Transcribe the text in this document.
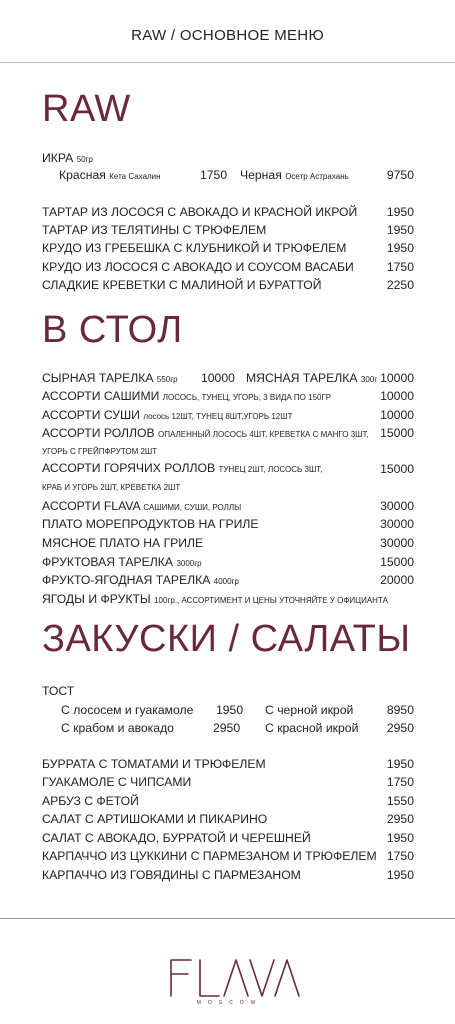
RAW / ОСНОВНОЕ МЕНЮ
RAW
ИКРА 50гр
Красная Кета Сахалин	1750 Черная Осетр Астрахань	9750
ТАРТАР ИЗ ЛОСОСЯ С АВОКАДО И КРАСНОЙ ИКРОЙ 1950
ТАРТАР ИЗ ТЕЛЯТИНЫ С ТРЮФЕЛЕМ	1950
КРУДО ИЗ ГРЕБЕШКА С КЛУБНИКОЙ И ТРЮФЕЛЕМ	1950
КРУДО ИЗ ЛОСОСЯ С АВОКАДО И СОУСОМ ВАСАБИ	1750
СЛАДКИЕ КРЕВЕТКИ С МАЛИНОЙ И БУРАТТОЙ	2250
В СТОЛ
СЫРНАЯ ТАРЕЛКА 550гр 10000 МЯСНАЯ ТАРЕЛКА 300г 10000
АССОРТИ САШИМИ ЛОСОСЬ, ТУНЕЦ, УГОРЬ, 3 ВИДА ПО 150ГР	10000
АССОРТИ СУШИ лосось 12ШТ, ТУНЕЦ 8ШТ,УГОРЬ 12ШТ	10000
АССОРТИ РОЛЛОВ ОПАЛЕННЫЙ ЛОСОСЬ 4ШТ, КРЕВЕТКА С МАНГО 3ШТ, 15000
УГОРЬ С ГРЕЙПФРУТОМ 2ШТ
АССОРТИ ГОРЯЧИХ РОЛЛОВ ТУНЕЦ 2ШТ, ЛОСОСЬ 3ШТ,	15000
КРАБ И УГОРЬ 2ШТ, КРЕВЕТКА 2ШТ
АССОРТИ FLAVA САШИМИ, СУШИ, РОЛЛЫ	30000
ПЛАТО МОРЕПРОДУКТОВ НА ГРИЛЕ	30000
МЯСНОЕ ПЛАТО НА ГРИЛЕ	30000
ФРУКТОВАЯ ТАРЕЛКА 3000гр	15000
ФРУКТО-ЯГОДНАЯ ТАРЕЛКА 4000гр	20000
ЯГОДЫ И ФРУКТЫ 100гр., АССОРТИМЕНТ И ЦЕНЫ УТОЧНЯЙТЕ У ОФИЦИАНТА
ЗАКУСКИ / САЛАТЫ
ТОСТ
С лососем и гуакамоле 1950 С черной икрой	8950
С крабом и авокадо	2950 С красной икрой 2950
БУРРАТА С ТОМАТАМИ И ТРЮФЕЛЕМ	1950
ГУАКАМОЛЕ С ЧИПСАМИ	1750
АРБУЗ С ФЕТОЙ	1550
САЛАТ С АРТИШОКАМИ И ПИКАРИНО	2950
САЛАТ С АВОКАДО, БУРРАТОЙ И ЧЕРЕШНЕЙ	1950
КАРПАЧЧО ИЗ ЦУККИНИ С ПАРМЕЗАНОМ И ТРЮФЕЛЕМ 1750
КАРПАЧЧО ИЗ ГОВЯДИНЫ С ПАРМЕЗАНОМ	1950
MOSCOW
